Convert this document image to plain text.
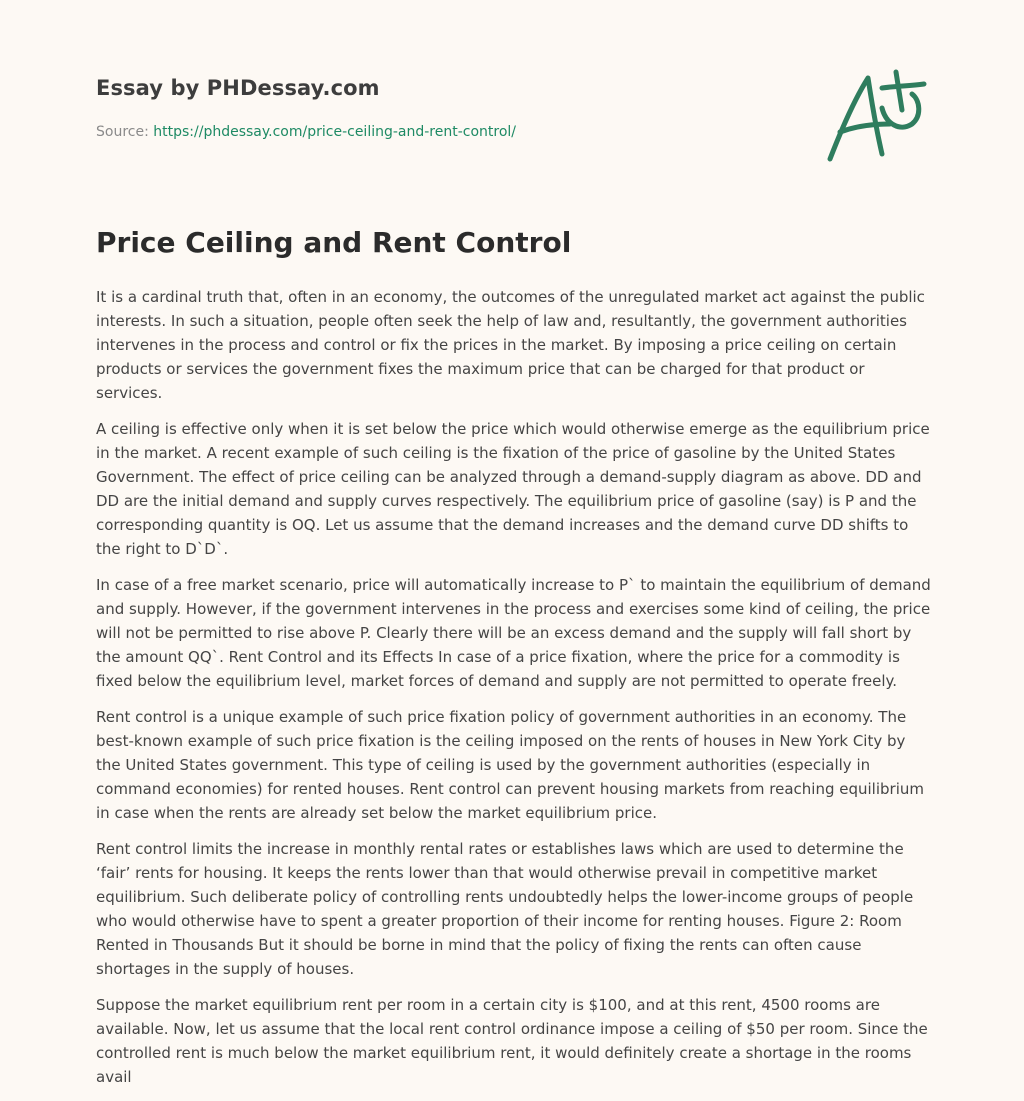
Essay by PHDessay.com
Source: https://phdessay.com/price-ceiling-and-rent-control/
Price Ceiling and Rent Control

It is a cardinal truth that, often in an economy, the outcomes of the unregulated market act against the public interests. In such a situation, people often seek the help of law and, resultantly, the government authorities intervenes in the process and control or fix the prices in the market. By imposing a price ceiling on certain products or services the government fixes the maximum price that can be charged for that product or services.

A ceiling is effective only when it is set below the price which would otherwise emerge as the equilibrium price in the market. A recent example of such ceiling is the fixation of the price of gasoline by the United States Government. The effect of price ceiling can be analyzed through a demand-supply diagram as above. DD and DD are the initial demand and supply curves respectively. The equilibrium price of gasoline (say) is P and the corresponding quantity is OQ. Let us assume that the demand increases and the demand curve DD shifts to the right to D`D`.

In case of a free market scenario, price will automatically increase to P` to maintain the equilibrium of demand and supply. However, if the government intervenes in the process and exercises some kind of ceiling, the price will not be permitted to rise above P. Clearly there will be an excess demand and the supply will fall short by the amount QQ`. Rent Control and its Effects In case of a price fixation, where the price for a commodity is fixed below the equilibrium level, market forces of demand and supply are not permitted to operate freely.

Rent control is a unique example of such price fixation policy of government authorities in an economy. The best-known example of such price fixation is the ceiling imposed on the rents of houses in New York City by the United States government. This type of ceiling is used by the government authorities (especially in command economies) for rented houses. Rent control can prevent housing markets from reaching equilibrium in case when the rents are already set below the market equilibrium price.

Rent control limits the increase in monthly rental rates or establishes laws which are used to determine the ‘fair’ rents for housing. It keeps the rents lower than that would otherwise prevail in competitive market equilibrium. Such deliberate policy of controlling rents undoubtedly helps the lower-income groups of people who would otherwise have to spent a greater proportion of their income for renting houses. Figure 2: Room Rented in Thousands But it should be borne in mind that the policy of fixing the rents can often cause shortages in the supply of houses.

Suppose the market equilibrium rent per room in a certain city is $100, and at this rent, 4500 rooms are available. Now, let us assume that the local rent control ordinance impose a ceiling of $50 per room. Since the controlled rent is much below the market equilibrium rent, it would definitely create a shortage in the rooms avail
